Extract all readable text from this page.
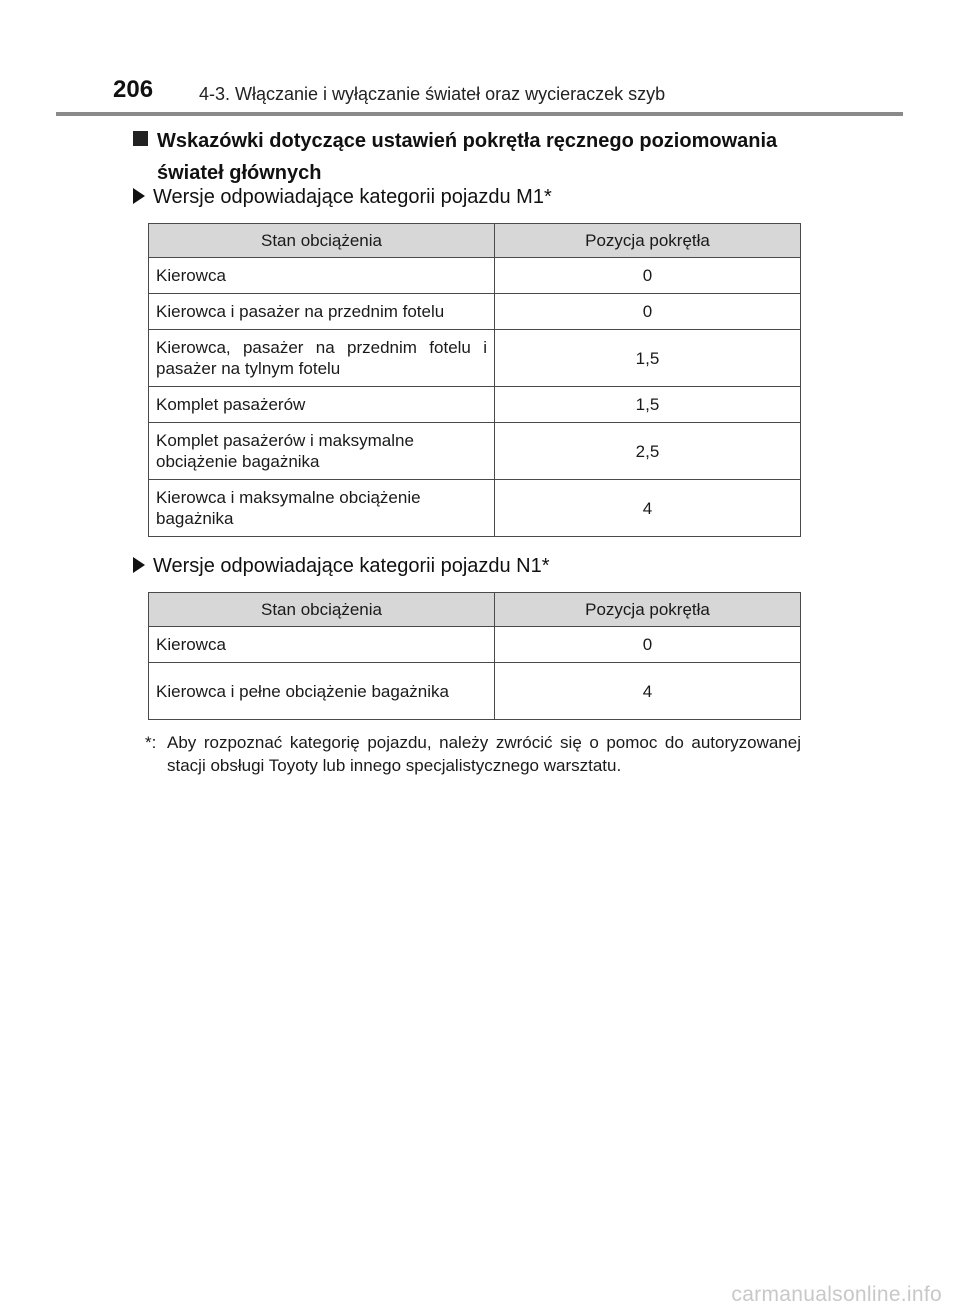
206	4-3. Włączanie i wyłączanie świateł oraz wycieraczek szyb
Wskazówki dotyczące ustawień pokrętła ręcznego poziomowania
świateł głównych
Wersje odpowiadające kategorii pojazdu M1*
Stan obciążenia	Pozycja pokrętła
Kierowca	0
Kierowca i pasażer na przednim fotelu	0
Kierowca, pasażer na przednim fotelu i pasażer na tylnym fotelu	1,5
Komplet pasażerów	1,5
Komplet pasażerów i maksymalne obciążenie bagażnika	2,5
Kierowca i maksymalne obciążenie bagażnika	4
Wersje odpowiadające kategorii pojazdu N1*
Stan obciążenia	Pozycja pokrętła
Kierowca	0
Kierowca i pełne obciążenie bagażnika	4
*: Aby rozpoznać kategorię pojazdu, należy zwrócić się o pomoc do autoryzowanej stacji obsługi Toyoty lub innego specjalistycznego warsztatu.
carmanualsonline.info
